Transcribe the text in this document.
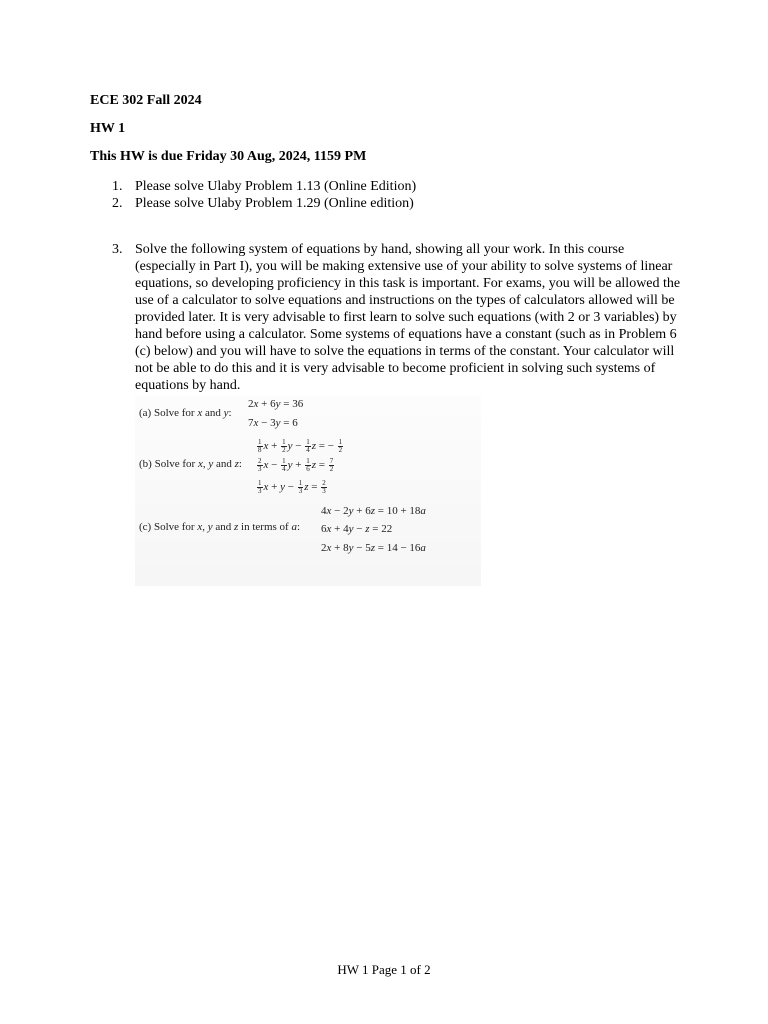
ECE 302 Fall 2024
HW 1
This HW is due Friday 30 Aug, 2024, 1159 PM
1. Please solve Ulaby Problem 1.13 (Online Edition)
2. Please solve Ulaby Problem 1.29 (Online edition)
3. Solve the following system of equations by hand, showing all your work. In this course (especially in Part I), you will be making extensive use of your ability to solve systems of linear equations, so developing proficiency in this task is important. For exams, you will be allowed the use of a calculator to solve equations and instructions on the types of calculators allowed will be provided later. It is very advisable to first learn to solve such equations (with 2 or 3 variables) by hand before using a calculator. Some systems of equations have a constant (such as in Problem 6 (c) below) and you will have to solve the equations in terms of the constant. Your calculator will not be able to do this and it is very advisable to become proficient in solving such systems of equations by hand.
(a) Solve for x and y:
2x + 6y = 36
7x − 3y = 6
(b) Solve for x, y and z:
$\frac{1}{8}$ $x + \frac{1}{2}$ $y - \frac{1}{4}$ z = − $\frac{1}{2}$
$\frac{2}{3}$ $x - \frac{1}{4}$ $y + \frac{1}{6}$ $z = \frac{7}{2}$
$\frac{1}{3}$ $x + y - \frac{1}{3}$ $z = \frac{2}{3}$
4x − 2y + 6z = 10 + 18a
(c) Solve for x, y and z in terms of a: 6x + 4y − z = 22
2x + 8y − 5z = 14 − 16a
HW 1 Page 1 of 2
